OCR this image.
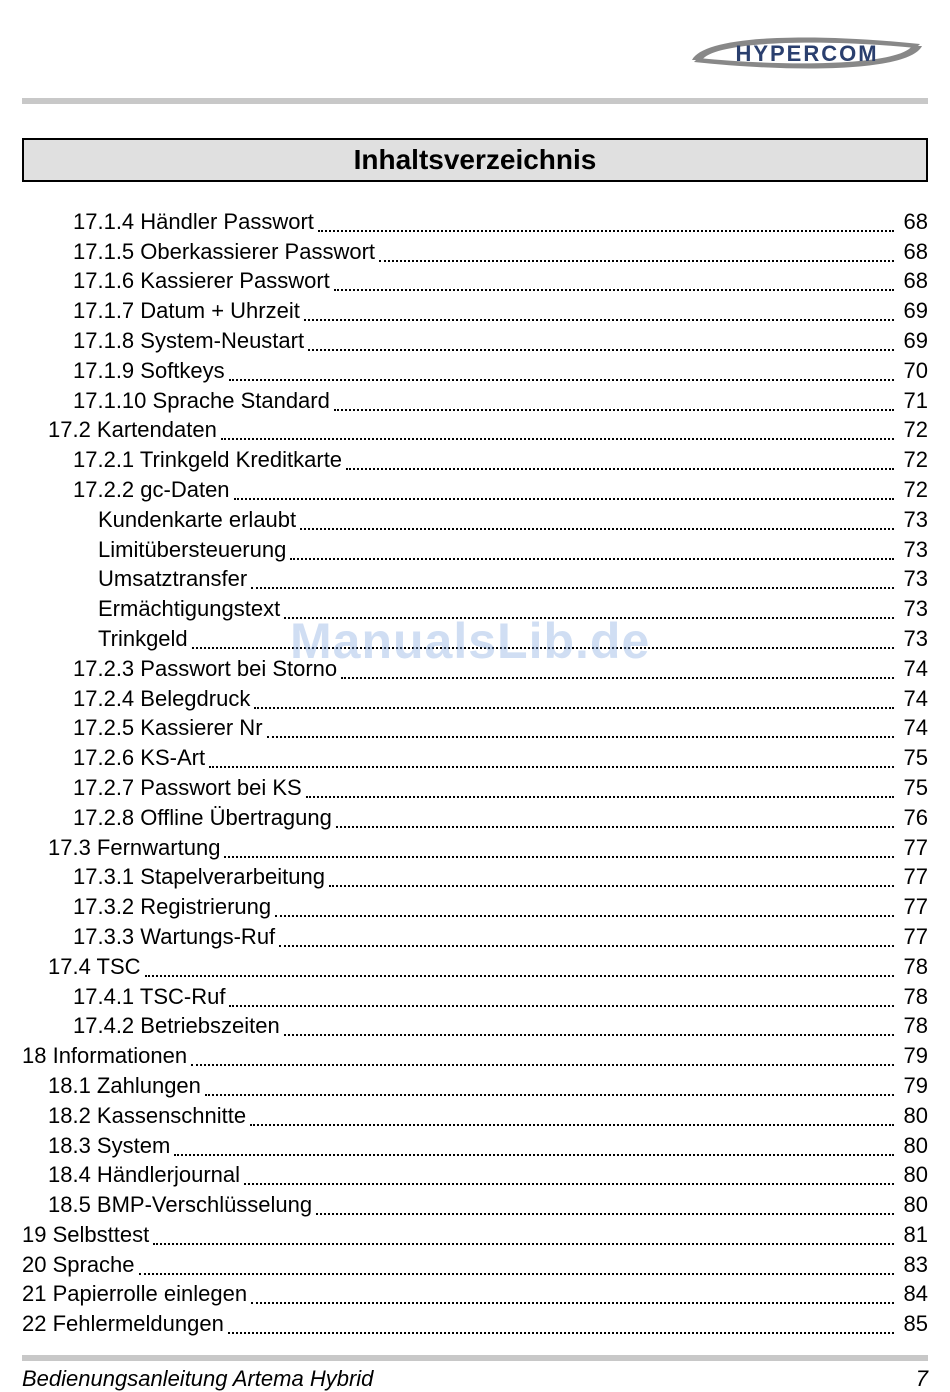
HYPERCOM
Inhaltsverzeichnis
17.1.4 Händler Passwort	68
17.1.5 Oberkassierer Passwort	68
17.1.6 Kassierer Passwort	68
17.1.7 Datum + Uhrzeit	69
17.1.8 System-Neustart	69
17.1.9 Softkeys	70
17.1.10 Sprache Standard	71
17.2 Kartendaten	72
17.2.1 Trinkgeld Kreditkarte	72
17.2.2 gc-Daten	72
Kundenkarte erlaubt	73
Limitübersteuerung	73
Umsatztransfer	73
Ermächtigungstext	73
Trinkgeld	73
17.2.3 Passwort bei Storno	74
17.2.4 Belegdruck	74
17.2.5 Kassierer Nr	74
17.2.6 KS-Art	75
17.2.7 Passwort bei KS	75
17.2.8 Offline Übertragung	76
17.3 Fernwartung	77
17.3.1 Stapelverarbeitung	77
17.3.2 Registrierung	77
17.3.3 Wartungs-Ruf	77
17.4 TSC	78
17.4.1 TSC-Ruf	78
17.4.2 Betriebszeiten	78
18 Informationen	79
18.1 Zahlungen	79
18.2 Kassenschnitte	80
18.3 System	80
18.4 Händlerjournal	80
18.5 BMP-Verschlüsselung	80
19 Selbsttest	81
20 Sprache	83
21 Papierrolle einlegen	84
22 Fehlermeldungen	85
ManualsLib.de
Bedienungsanleitung Artema Hybrid	7
